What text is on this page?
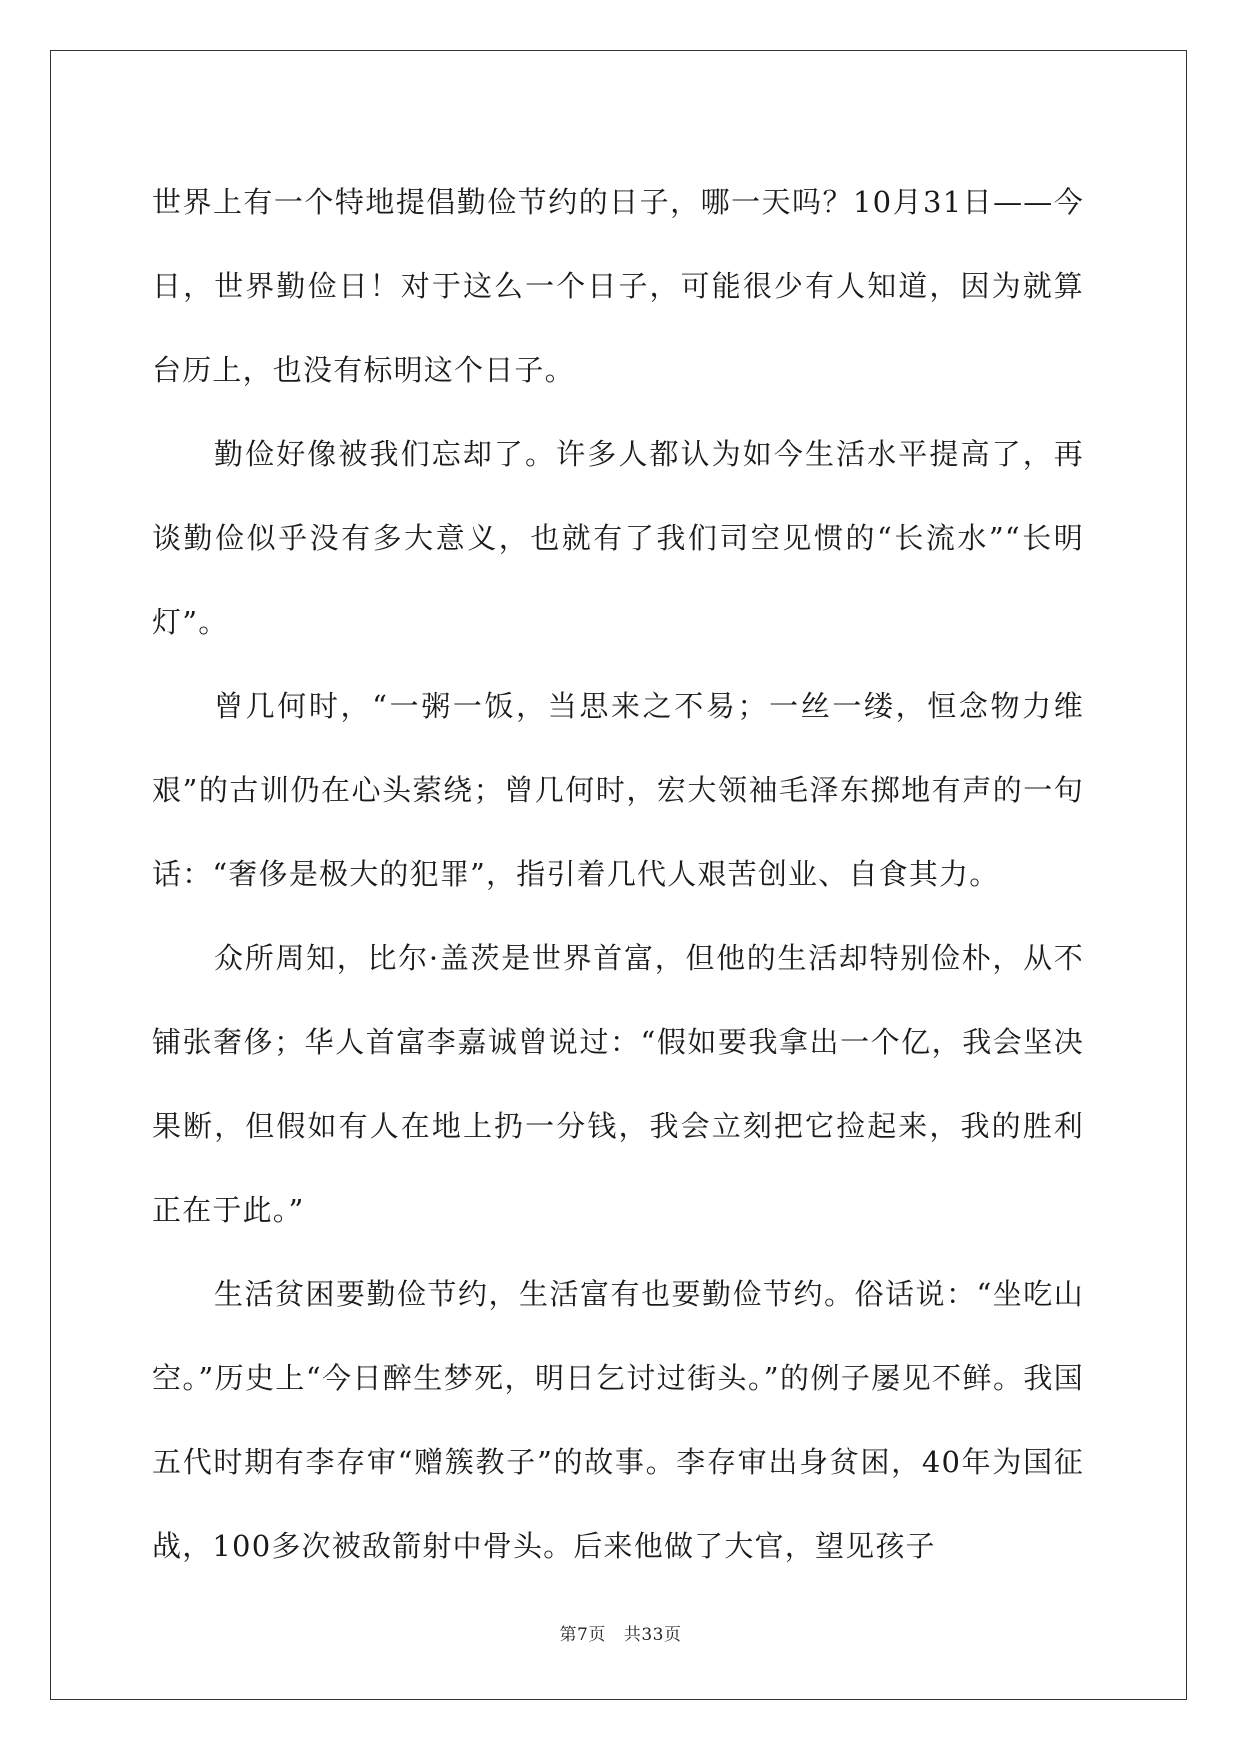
世界上有一个特地提倡勤俭节约的日子，哪一天吗？10月31日——今日，世界勤俭日！对于这么一个日子，可能很少有人知道，因为就算台历上，也没有标明这个日子。

勤俭好像被我们忘却了。许多人都认为如今生活水平提高了，再谈勤俭似乎没有多大意义，也就有了我们司空见惯的“长流水”“长明灯”。

曾几何时，“一粥一饭，当思来之不易；一丝一缕，恒念物力维艰”的古训仍在心头萦绕；曾几何时，宏大领袖毛泽东掷地有声的一句话：“奢侈是极大的犯罪”，指引着几代人艰苦创业、自食其力。

众所周知，比尔·盖茨是世界首富，但他的生活却特别俭朴，从不铺张奢侈；华人首富李嘉诚曾说过：“假如要我拿出一个亿，我会坚决果断，但假如有人在地上扔一分钱，我会立刻把它捡起来，我的胜利正在于此。”

生活贫困要勤俭节约，生活富有也要勤俭节约。俗话说：“坐吃山空。”历史上“今日醉生梦死，明日乞讨过街头。”的例子屡见不鲜。我国五代时期有李存审“赠簇教子”的故事。李存审出身贫困，40年为国征战，100多次被敌箭射中骨头。后来他做了大官，望见孩子

第7页 共33页
